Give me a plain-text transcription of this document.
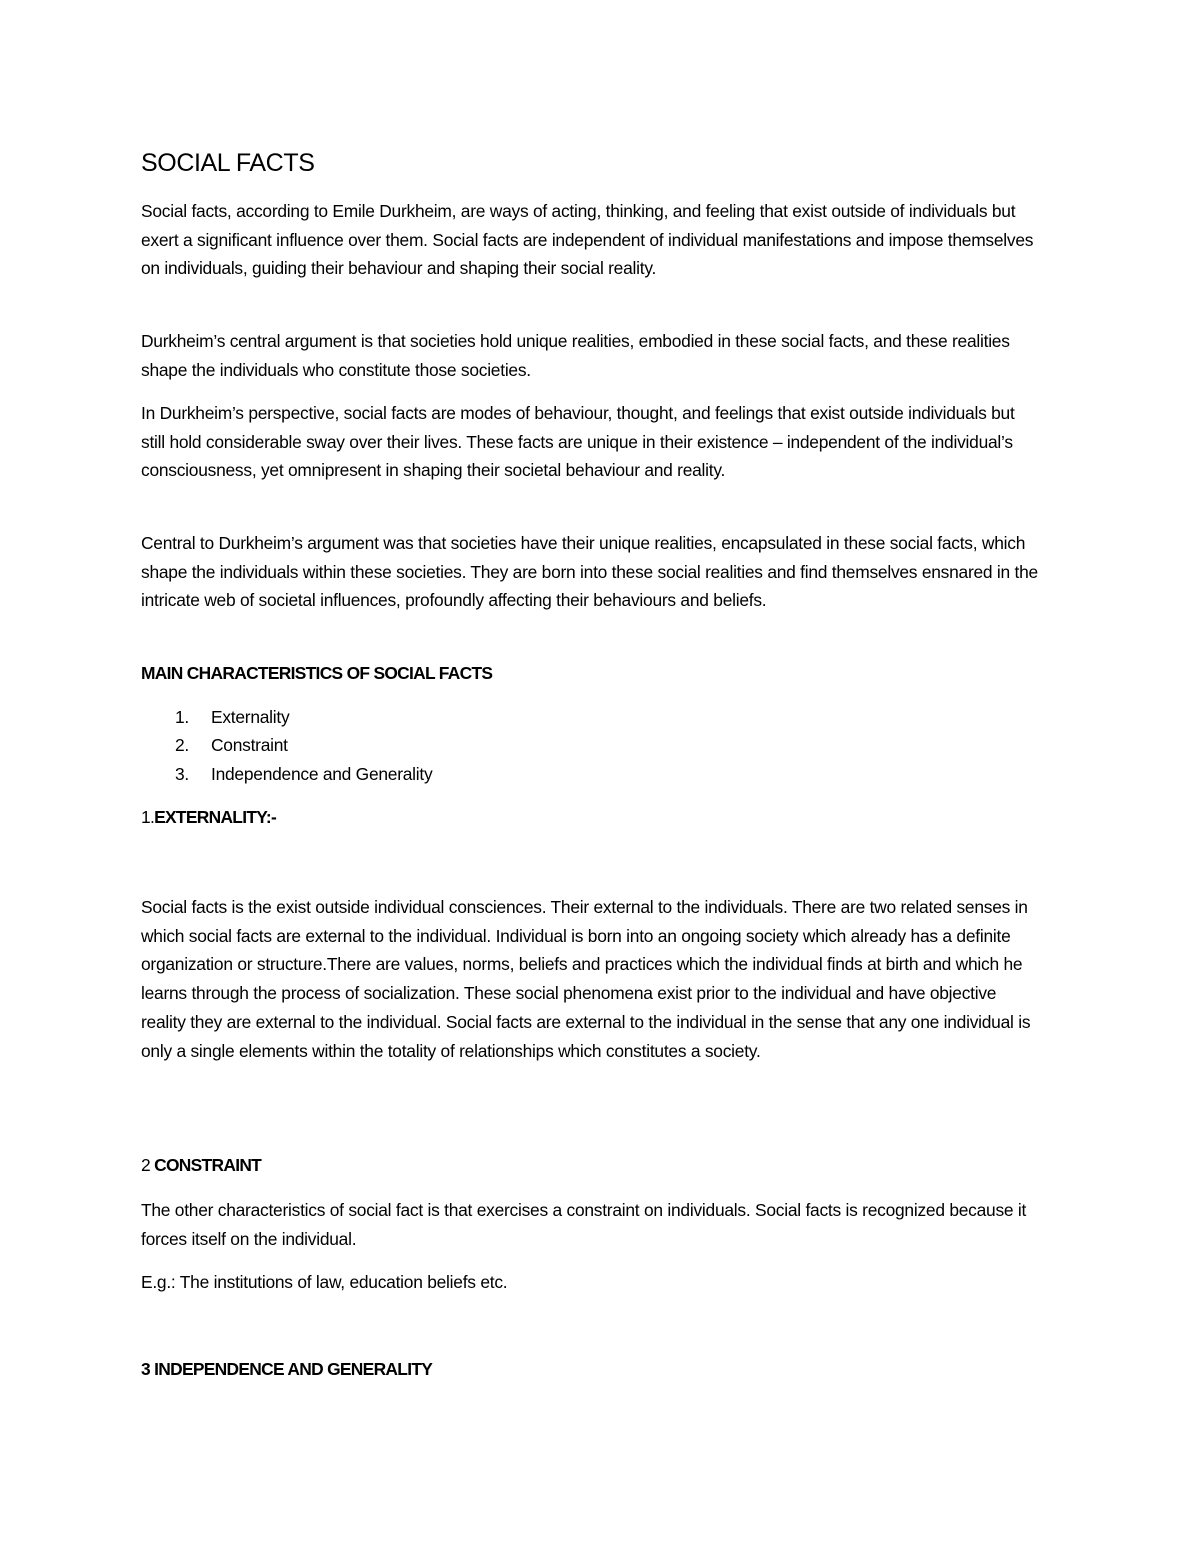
SOCIAL FACTS

Social facts, according to Emile Durkheim, are ways of acting, thinking, and feeling that exist outside of individuals but exert a significant influence over them. Social facts are independent of individual manifestations and impose themselves on individuals, guiding their behaviour and shaping their social reality.

Durkheim’s central argument is that societies hold unique realities, embodied in these social facts, and these realities shape the individuals who constitute those societies.

In Durkheim’s perspective, social facts are modes of behaviour, thought, and feelings that exist outside individuals but still hold considerable sway over their lives. These facts are unique in their existence – independent of the individual’s consciousness, yet omnipresent in shaping their societal behaviour and reality.

Central to Durkheim’s argument was that societies have their unique realities, encapsulated in these social facts, which shape the individuals within these societies. They are born into these social realities and find themselves ensnared in the intricate web of societal influences, profoundly affecting their behaviours and beliefs.

MAIN CHARACTERISTICS OF SOCIAL FACTS
1. Externality
2. Constraint
3. Independence and Generality
1.EXTERNALITY:-

Social facts is the exist outside individual consciences. Their external to the individuals. There are two related senses in which social facts are external to the individual. Individual is born into an ongoing society which already has a definite organization or structure.There are values, norms, beliefs and practices which the individual finds at birth and which he learns through the process of socialization. These social phenomena exist prior to the individual and have objective reality they are external to the individual. Social facts are external to the individual in the sense that any one individual is only a single elements within the totality of relationships which constitutes a society.

2 CONSTRAINT

The other characteristics of social fact is that exercises a constraint on individuals. Social facts is recognized because it forces itself on the individual.

E.g.: The institutions of law, education beliefs etc.

3 INDEPENDENCE AND GENERALITY
